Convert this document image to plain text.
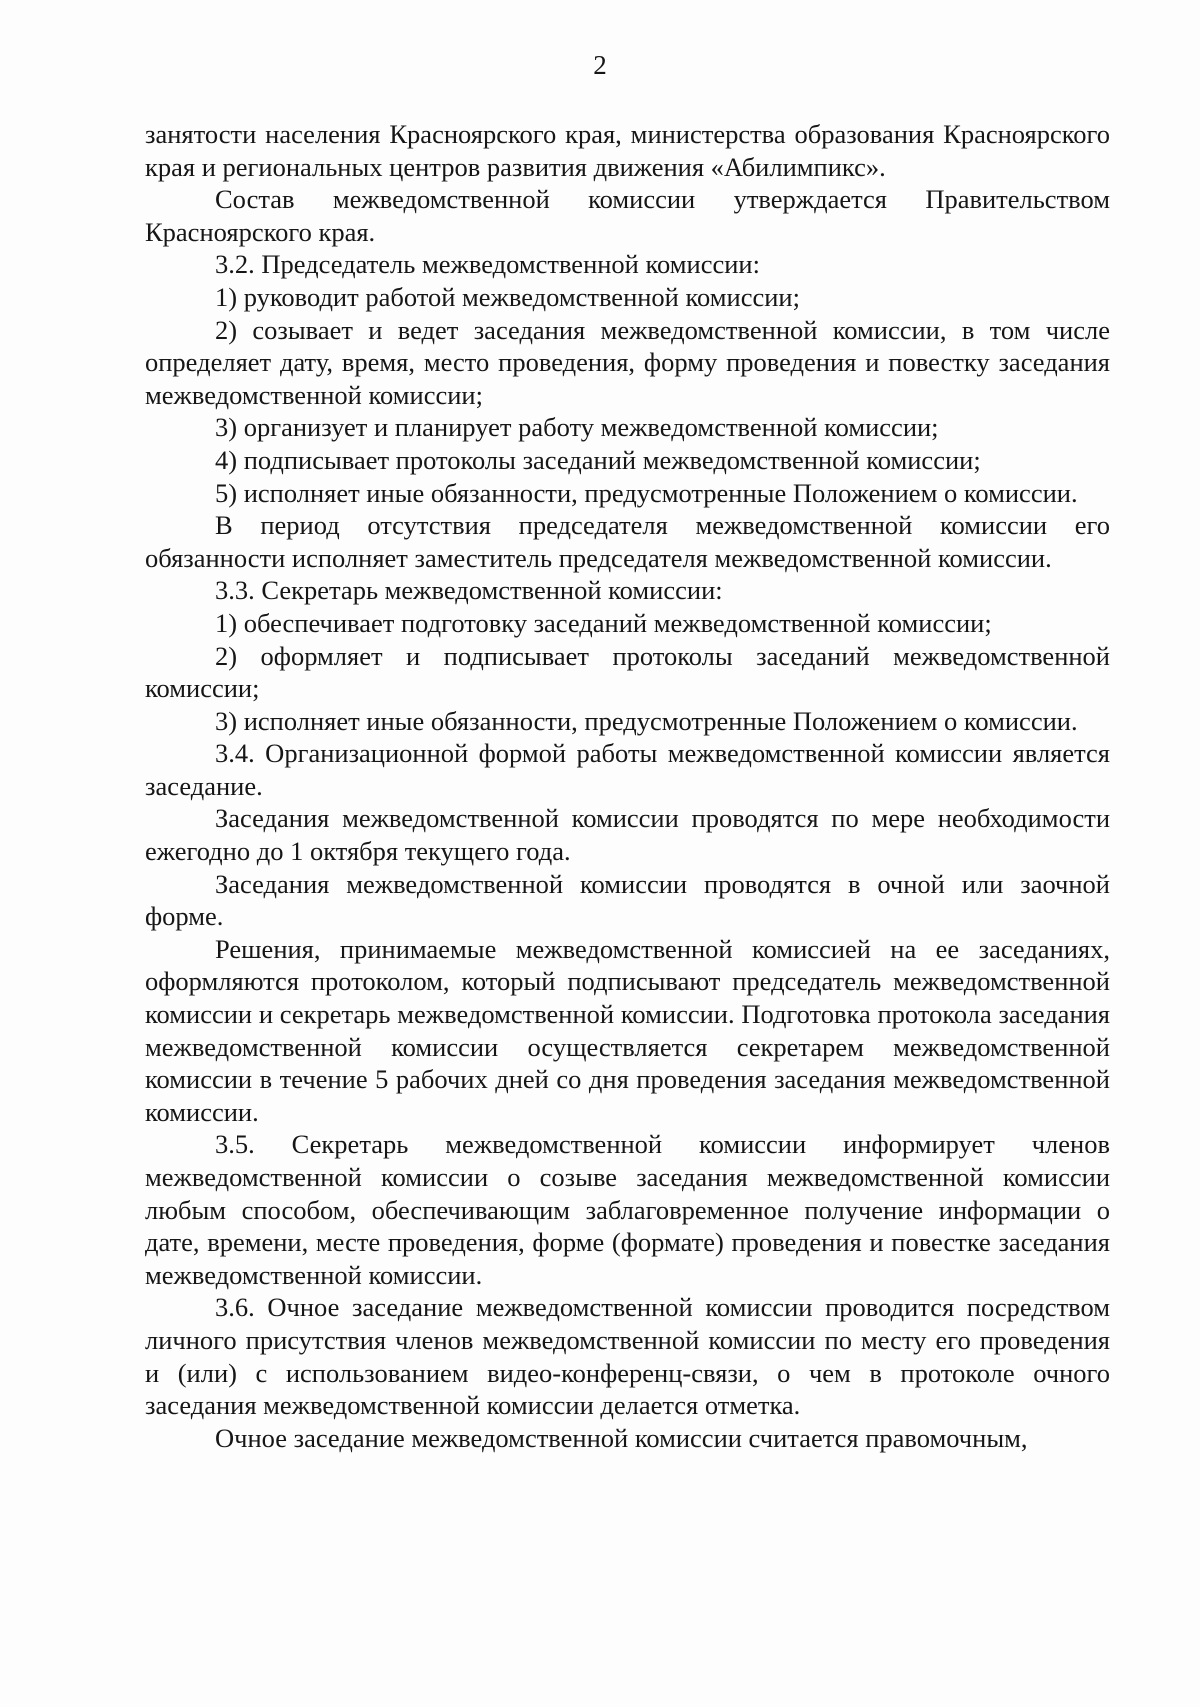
2

занятости населения Красноярского края, министерства образования Красноярского края и региональных центров развития движения «Абилимпикс».

Состав межведомственной комиссии утверждается Правительством Красноярского края.

3.2. Председатель межведомственной комиссии:

1) руководит работой межведомственной комиссии;

2) созывает и ведет заседания межведомственной комиссии, в том числе определяет дату, время, место проведения, форму проведения и повестку заседания межведомственной комиссии;

3) организует и планирует работу межведомственной комиссии;

4) подписывает протоколы заседаний межведомственной комиссии;

5) исполняет иные обязанности, предусмотренные Положением о комиссии.

В период отсутствия председателя межведомственной комиссии его обязанности исполняет заместитель председателя межведомственной комиссии.

3.3. Секретарь межведомственной комиссии:

1) обеспечивает подготовку заседаний межведомственной комиссии;

2) оформляет и подписывает протоколы заседаний межведомственной комиссии;

3) исполняет иные обязанности, предусмотренные Положением о комиссии.

3.4. Организационной формой работы межведомственной комиссии является заседание.

Заседания межведомственной комиссии проводятся по мере необходимости ежегодно до 1 октября текущего года.

Заседания межведомственной комиссии проводятся в очной или заочной форме.

Решения, принимаемые межведомственной комиссией на ее заседаниях, оформляются протоколом, который подписывают председатель межведомственной комиссии и секретарь межведомственной комиссии. Подготовка протокола заседания межведомственной комиссии осуществляется секретарем межведомственной комиссии в течение 5 рабочих дней со дня проведения заседания межведомственной комиссии.

3.5. Секретарь межведомственной комиссии информирует членов межведомственной комиссии о созыве заседания межведомственной комиссии любым способом, обеспечивающим заблаговременное получение информации о дате, времени, месте проведения, форме (формате) проведения и повестке заседания межведомственной комиссии.

3.6. Очное заседание межведомственной комиссии проводится посредством личного присутствия членов межведомственной комиссии по месту его проведения и (или) с использованием видео-конференц-связи, о чем в протоколе очного заседания межведомственной комиссии делается отметка.

Очное заседание межведомственной комиссии считается правомочным,
